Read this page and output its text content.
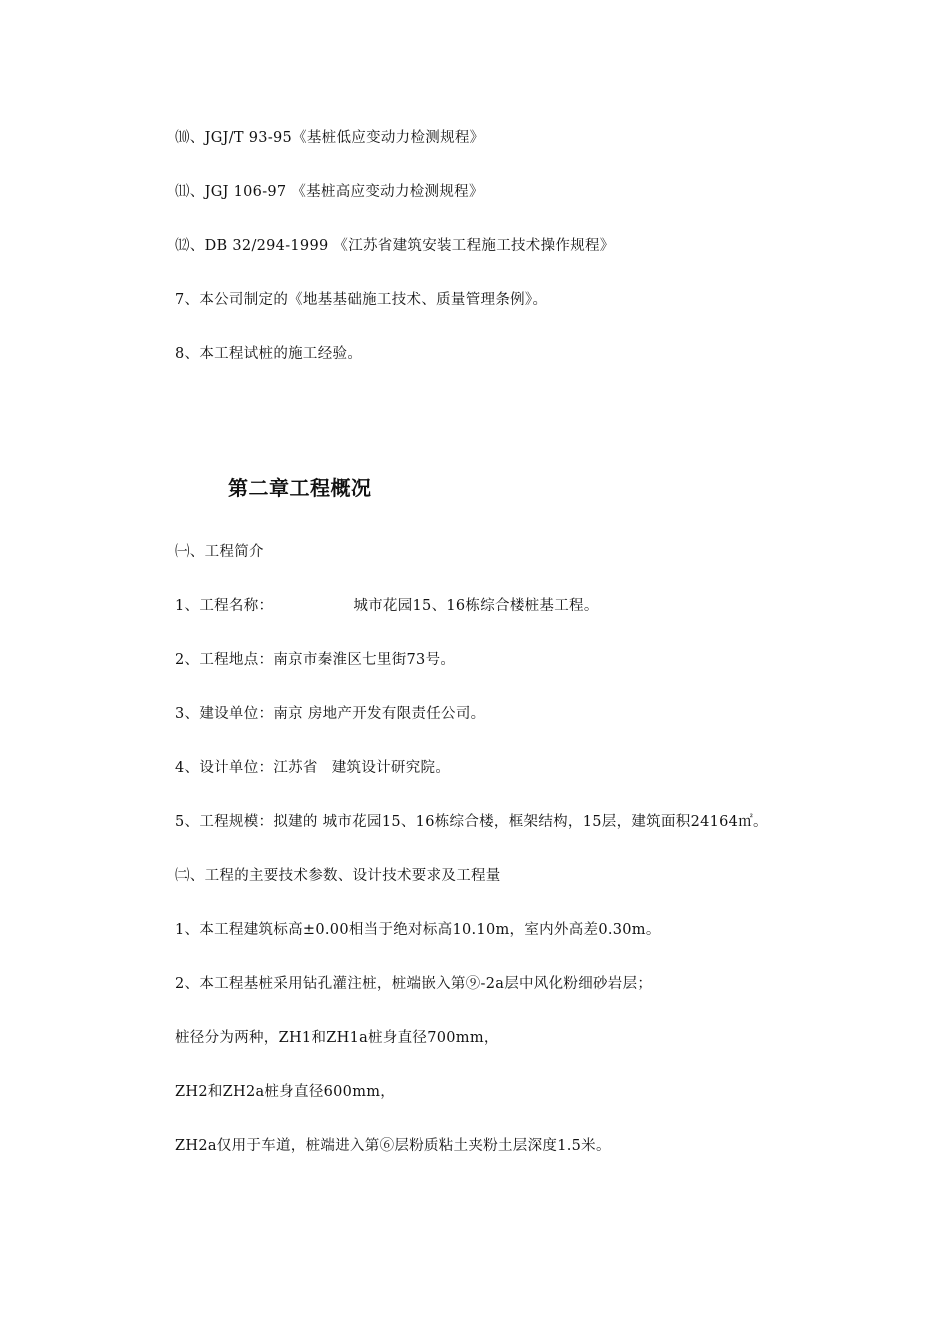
⑽、JGJ/T 93-95《基桩低应变动力检测规程》
⑾、JGJ 106-97 《基桩高应变动力检测规程》
⑿、DB 32/294-1999 《江苏省建筑安装工程施工技术操作规程》
7、本公司制定的《地基基础施工技术、质量管理条例》。
8、本工程试桩的施工经验。
第二章工程概况
㈠、工程简介
1、工程名称：	城市花园15、16栋综合楼桩基工程。
2、工程地点：南京市秦淮区七里街73号。
3、建设单位：南京 房地产开发有限责任公司。
4、设计单位：江苏省 建筑设计研究院。
5、工程规模：拟建的 城市花园15、16栋综合楼，框架结构，15层，建筑面积24164㎡。
㈡、工程的主要技术参数、设计技术要求及工程量
1、本工程建筑标高±0.00相当于绝对标高10.10m，室内外高差0.30m。
2、本工程基桩采用钻孔灌注桩，桩端嵌入第⑨-2a层中风化粉细砂岩层；
桩径分为两种，ZH1和ZH1a桩身直径700mm，
ZH2和ZH2a桩身直径600mm，
ZH2a仅用于车道，桩端进入第⑥层粉质粘土夹粉土层深度1.5米。
